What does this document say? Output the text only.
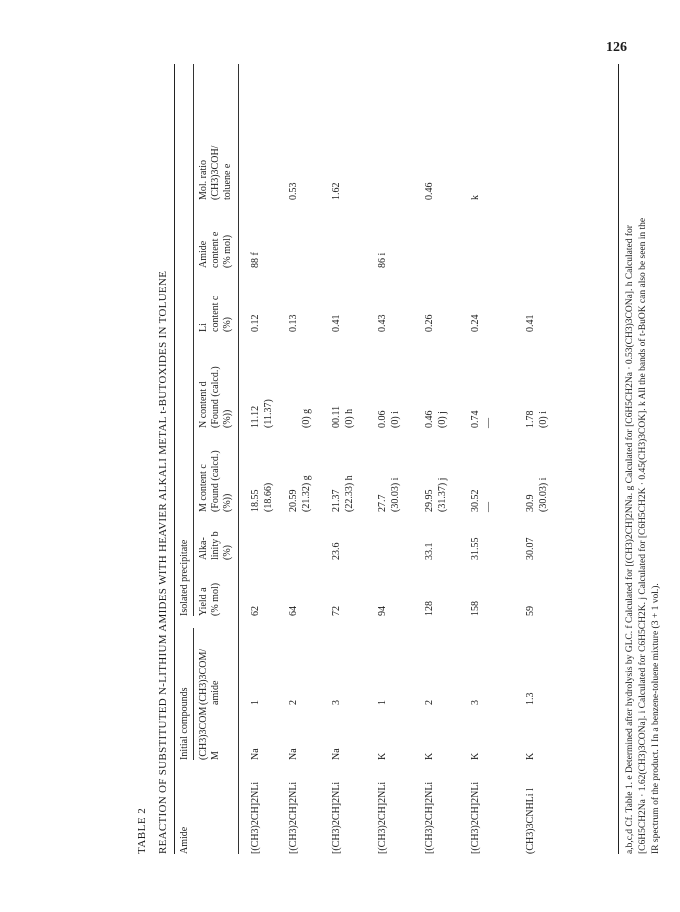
126
TABLE 2 REACTION OF SUBSTITUTED N-LITHIUM AMIDES WITH HEAVIER ALKALI METAL t-BUTOXIDES IN TOLUENE Amide
Initial compounds
Isolated precipitate
(CH3)3COM M
(CH3)3COM/ amide
Yield a (% mol)
Alka- linity b (%)
M content c (Found (calcd.) (%))
N content d (Found (calcd.) (%))
Li content c (%)
Amide content e (% mol)
Mol. ratio (CH3)3COH/ toluene e
[(CH3)2CH]2NLi
Na
1
62
18.55 (18.66)
11.12 (11.37)
0.12
88 f
[(CH3)2CH]2NLi
Na
2
64
20.59 (21.32) g
(0) g
0.13
0.53
[(CH3)2CH]2NLi
Na
3
72
23.6
21.37 (22.33) h
00.11 (0) h
0.41
1.62
[(CH3)2CH]2NLi
K
1
94
27.7 (30.03) i
0.06 (0) i
0.43
86 i
[(CH3)2CH]2NLi
K
2
128
33.1
29.95 (31.37) j
0.46 (0) j
0.26
0.46
[(CH3)2CH]2NLi
K
3
158
31.55
30.52 —
0.74 —
0.24
k
(CH3)3CNHLi l
K
1.3
59
30.07
30.9 (30.03) i
1.78 (0) i
0.41	a,b,c,d Cf. Table 1. e Determined after hydrolysis by GLC. f Calculated for [(CH3)2CH]2NNa. g Calculated for [C6H5CH2Na · 0.53(CH3)3CONa]. h Calculated for [C6H5CH2Na · 1.62(CH3)3CONa]. i Calculated for C6H5CH2K. j Calculated for [C6H5CH2K · 0.45(CH3)3COK]. k All the bands of t-BuOK can also be seen in the IR spectrum of the product. l In a benzene-toluene mixture (3 + 1 vol.).
